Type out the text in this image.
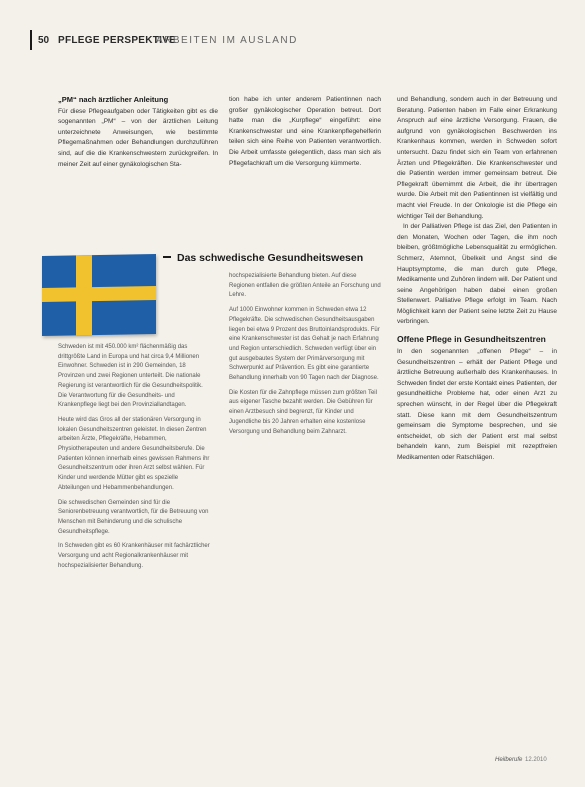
50 PFLEGE PERSPEKTIVE
ARBEITEN IM AUSLAND
„PM“ nach ärztlicher Anleitung

Für diese Pflegeaufgaben oder Tätigkeiten gibt es die sogenannten „PM“ – von der ärztlichen Leitung unterzeichnete Anweisungen, wie bestimmte Pflegemaßnahmen oder Behandlungen durchzuführen sind, auf die die Krankenschwestern zurückgreifen. In meiner Zeit auf einer gynäkologischen Sta-

tion habe ich unter anderem Patientinnen nach großer gynäkologischer Operation betreut. Dort hatte man die „Kurpflege“ eingeführt: eine Krankenschwester und eine Krankenpflegehelferin teilen sich eine Reihe von Patienten verantwortlich. Die Arbeit umfasste gelegentlich, dass man sich als Pflegefachkraft um die Versorgung kümmerte.

und Behandlung, sondern auch in der Betreuung und Beratung. Patienten haben im Falle einer Erkrankung Anspruch auf eine ärztliche Versorgung. Frauen, die aufgrund von gynäkologischen Beschwerden ins Krankenhaus kommen, werden in Schweden sofort untersucht. Dazu findet sich ein Team von erfahrenen Ärzten und Pflegekräften. Die Krankenschwester und die Patientin werden immer gemeinsam betreut. Die Pflegekraft übernimmt die Arbeit, die ihr übertragen wurde. Die Arbeit mit den Patientinnen ist vielfältig und macht viel Freude. In der Onkologie ist die Pflege ein wichtiger Teil der Behandlung.

In der Palliativen Pflege ist das Ziel, den Patienten in den Monaten, Wochen oder Tagen, die ihm noch bleiben, größtmögliche Lebensqualität zu ermöglichen. Schmerz, Atemnot, Übelkeit und Angst sind die Hauptsymptome, die man durch gute Pflege, Medikamente und Zuhören lindern will. Der Patient und seine Angehörigen haben dabei einen großen Stellenwert. Palliative Pflege erfolgt im Team. Nach Möglichkeit kann der Patient seine letzte Zeit zu Hause verbringen.

Offene Pflege in Gesundheitszentren

In den sogenannten „offenen Pflege“ – in Gesundheitszentren – erhält der Patient Pflege und ärztliche Betreuung außerhalb des Krankenhauses. In Schweden findet der erste Kontakt eines Patienten, der gesundheitliche Probleme hat, oder einen Arzt zu sprechen wünscht, in der Regel über die Pflegekraft statt. Diese kann mit dem Gesundheitszentrum gemeinsam die Symptome besprechen, und sie entscheidet, ob sich der Patient erst mal selbst behandeln kann, zum Beispiel mit rezeptfreien Medikamenten oder Ratschlägen.

Das schwedische Gesundheitswesen

Schweden ist mit 450.000 km² flächenmäßig das drittgrößte Land in Europa und hat circa 9,4 Millionen Einwohner. Schweden ist in 290 Gemeinden, 18 Provinzen und zwei Regionen unterteilt. Die nationale Regierung ist verantwortlich für die Gesundheitspolitik. Die Verantwortung für die Gesundheits- und Krankenpflege liegt bei den Provinziallandtagen.

Heute wird das Gros all der stationären Versorgung in lokalen Gesundheitszentren geleistet. In diesen Zentren arbeiten Ärzte, Pflegekräfte, Hebammen, Physiotherapeuten und andere Gesundheitsberufe. Die Patienten können innerhalb eines gewissen Rahmens ihr Gesundheitszentrum oder ihren Arzt selbst wählen. Für Kinder und werdende Mütter gibt es spezielle Abteilungen und Hebammenbehandlungen.

Die schwedischen Gemeinden sind für die Seniorenbetreuung verantwortlich, für die Betreuung von Menschen mit Behinderung und die schulische Gesundheitspflege.

In Schweden gibt es 60 Krankenhäuser mit fachärztlicher Versorgung und acht Regionalkrankenhäuser mit hochspezialisierter Behandlung.

hochspezialisierte Behandlung bieten. Auf diese Regionen entfallen die größten Anteile an Forschung und Lehre.

Auf 1000 Einwohner kommen in Schweden etwa 12 Pflegekräfte. Die schwedischen Gesundheitsausgaben liegen bei etwa 9 Prozent des Bruttoinlandsprodukts. Für eine Krankenschwester ist das Gehalt je nach Erfahrung und Region unterschiedlich. Schweden verfügt über ein gut ausgebautes System der Primärversorgung mit Schwerpunkt auf Prävention. Es gibt eine garantierte Behandlung innerhalb von 90 Tagen nach der Diagnose.

Die Kosten für die Zahnpflege müssen zum größten Teil aus eigener Tasche bezahlt werden. Die Gebühren für einen Arztbesuch sind begrenzt, für Kinder und Jugendliche bis 20 Jahren erhalten eine kostenlose Versorgung und Behandlung beim Zahnarzt.

Heilberufe 12.2010
